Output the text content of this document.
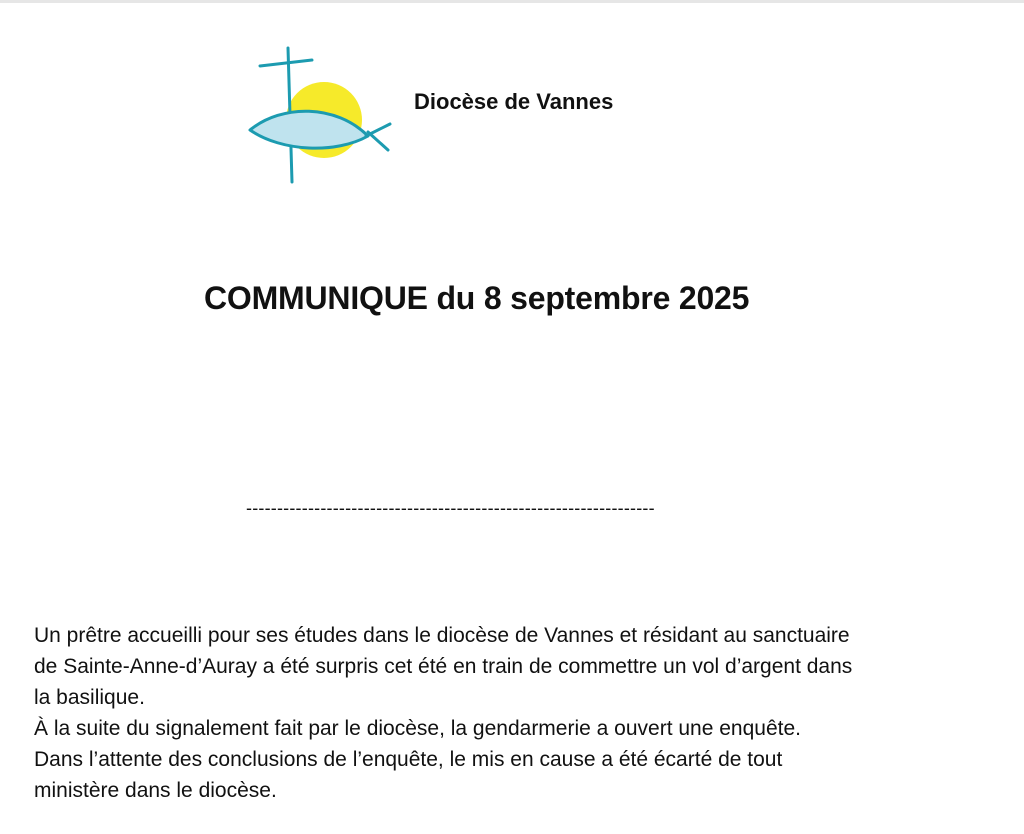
Diocèse de Vannes
COMMUNIQUE du 8 septembre 2025
------------------------------------------------------------------
Un prêtre accueilli pour ses études dans le diocèse de Vannes et résidant au sanctuaire
de Sainte-Anne-d’Auray a été surpris cet été en train de commettre un vol d’argent dans
la basilique.
À la suite du signalement fait par le diocèse, la gendarmerie a ouvert une enquête.
Dans l’attente des conclusions de l’enquête, le mis en cause a été écarté de tout
ministère dans le diocèse.
